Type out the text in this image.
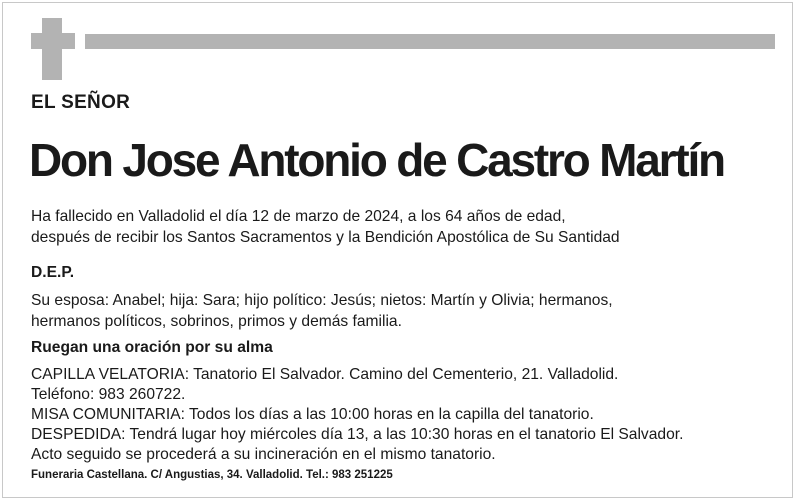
EL SEÑOR
Don Jose Antonio de Castro Martín
Ha fallecido en Valladolid el día 12 de marzo de 2024, a los 64 años de edad,
después de recibir los Santos Sacramentos y la Bendición Apostólica de Su Santidad
D.E.P.
Su esposa: Anabel; hija: Sara; hijo político: Jesús; nietos: Martín y Olivia; hermanos,
hermanos políticos, sobrinos, primos y demás familia.
Ruegan una oración por su alma
CAPILLA VELATORIA: Tanatorio El Salvador. Camino del Cementerio, 21. Valladolid.
Teléfono: 983 260722.
MISA COMUNITARIA: Todos los días a las 10:00 horas en la capilla del tanatorio.
DESPEDIDA: Tendrá lugar hoy miércoles día 13, a las 10:30 horas en el tanatorio El Salvador.
Acto seguido se procederá a su incineración en el mismo tanatorio.
Funeraria Castellana. C/ Angustias, 34. Valladolid. Tel.: 983 251225
